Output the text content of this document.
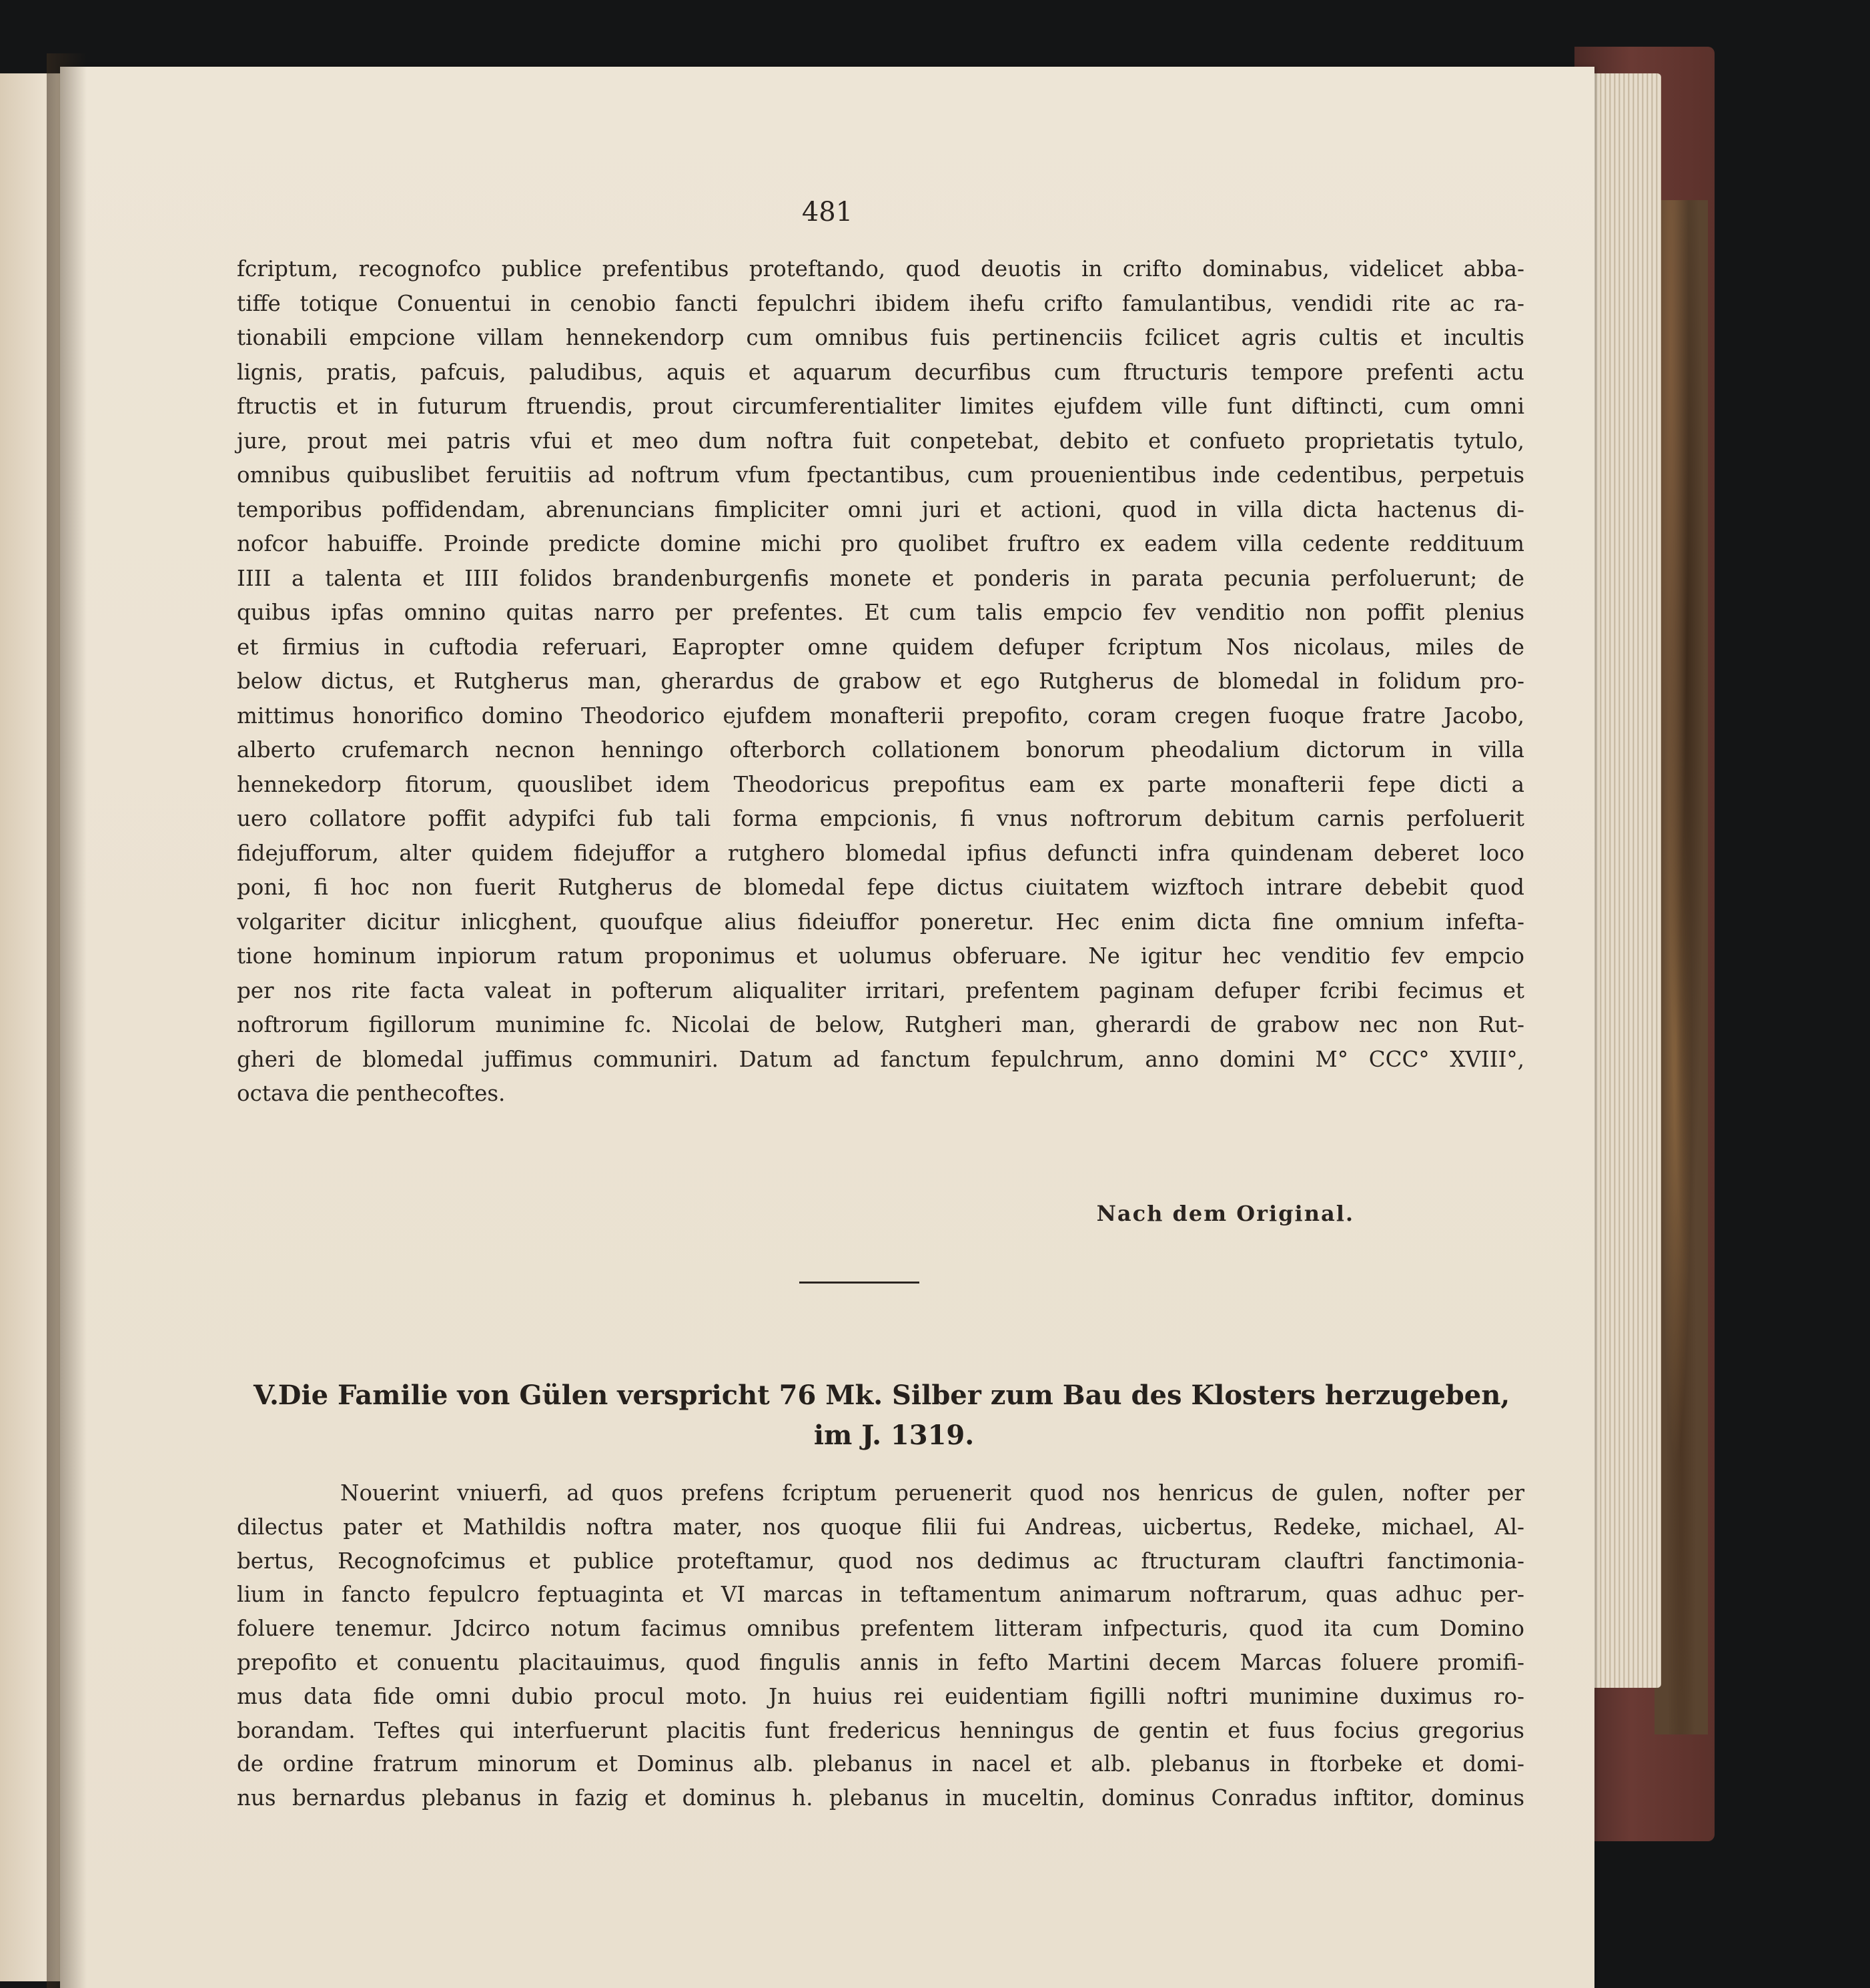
481
fcriptum, recognofco publice prefentibus proteftando, quod deuotis in crifto dominabus, videlicet abba-
tiffe totique Conuentui in cenobio fancti fepulchri ibidem ihefu crifto famulantibus, vendidi rite ac ra-
tionabili empcione villam hennekendorp cum omnibus fuis pertinenciis fcilicet agris cultis et incultis
lignis, pratis, pafcuis, paludibus, aquis et aquarum decurfibus cum ftructuris tempore prefenti actu
ftructis et in futurum ftruendis, prout circumferentialiter limites ejufdem ville funt diftincti, cum omni
jure, prout mei patris vfui et meo dum noftra fuit conpetebat, debito et confueto proprietatis tytulo,
omnibus quibuslibet feruitiis ad noftrum vfum fpectantibus, cum prouenientibus inde cedentibus, perpetuis
temporibus poffidendam, abrenuncians fimpliciter omni juri et actioni, quod in villa dicta hactenus di-
nofcor habuiffe. Proinde predicte domine michi pro quolibet fruftro ex eadem villa cedente reddituum
IIII a talenta et IIII folidos brandenburgenfis monete et ponderis in parata pecunia perfoluerunt; de
quibus ipfas omnino quitas narro per prefentes. Et cum talis empcio fev venditio non poffit plenius
et firmius in cuftodia referuari, Eapropter omne quidem defuper fcriptum Nos nicolaus, miles de
below dictus, et Rutgherus man, gherardus de grabow et ego Rutgherus de blomedal in folidum pro-
mittimus honorifico domino Theodorico ejufdem monafterii prepofito, coram cregen fuoque fratre Jacobo,
alberto crufemarch necnon henningo ofterborch collationem bonorum pheodalium dictorum in villa
hennekedorp fitorum, quouslibet idem Theodoricus prepofitus eam ex parte monafterii fepe dicti a
uero collatore poffit adypifci fub tali forma empcionis, fi vnus noftrorum debitum carnis perfoluerit
fidejufforum, alter quidem fidejuffor a rutghero blomedal ipfius defuncti infra quindenam deberet loco
poni, fi hoc non fuerit Rutgherus de blomedal fepe dictus ciuitatem wizftoch intrare debebit quod
volgariter dicitur inlicghent, quoufque alius fideiuffor poneretur. Hec enim dicta fine omnium infefta-
tione hominum inpiorum ratum proponimus et uolumus obferuare. Ne igitur hec venditio fev empcio
per nos rite facta valeat in pofterum aliqualiter irritari, prefentem paginam defuper fcribi fecimus et
noftrorum figillorum munimine fc. Nicolai de below, Rutgheri man, gherardi de grabow nec non Rut-
gheri de blomedal juffimus communiri. Datum ad fanctum fepulchrum, anno domini M° CCC° XVIII°,
octava die penthecoftes.
Nach dem Original.
V.
Die Familie von Gülen verspricht 76 Mk. Silber zum Bau des Klosters herzugeben,
im J. 1319.
Nouerint vniuerfi, ad quos prefens fcriptum peruenerit quod nos henricus de gulen, nofter per
dilectus pater et Mathildis noftra mater, nos quoque filii fui Andreas, uicbertus, Redeke, michael, Al-
bertus, Recognofcimus et publice proteftamur, quod nos dedimus ac ftructuram clauftri fanctimonia-
lium in fancto fepulcro feptuaginta et VI marcas in teftamentum animarum noftrarum, quas adhuc per-
foluere tenemur. Jdcirco notum facimus omnibus prefentem litteram infpecturis, quod ita cum Domino
prepofito et conuentu placitauimus, quod fingulis annis in fefto Martini decem Marcas foluere promifi-
mus data fide omni dubio procul moto. Jn huius rei euidentiam figilli noftri munimine duximus ro-
borandam. Teftes qui interfuerunt placitis funt fredericus henningus de gentin et fuus focius gregorius
de ordine fratrum minorum et Dominus alb. plebanus in nacel et alb. plebanus in ftorbeke et domi-
nus bernardus plebanus in fazig et dominus h. plebanus in muceltin, dominus Conradus inftitor, dominus
